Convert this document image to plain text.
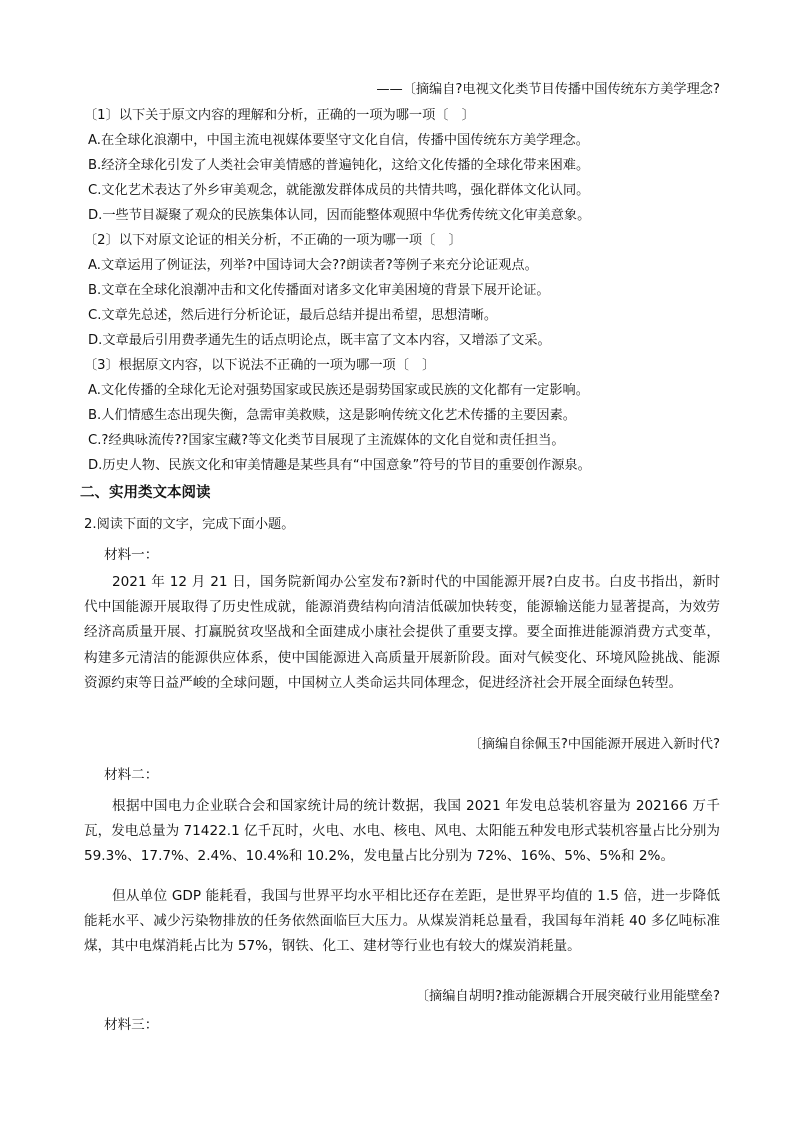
——〔摘编自?电视文化类节目传播中国传统东方美学理念?
〔1〕以下关于原文内容的理解和分析，正确的一项为哪一项〔　〕
A.在全球化浪潮中，中国主流电视媒体要坚守文化自信，传播中国传统东方美学理念。
B.经济全球化引发了人类社会审美情感的普遍钝化，这给文化传播的全球化带来困难。
C.文化艺术表达了外乡审美观念，就能激发群体成员的共情共鸣，强化群体文化认同。
D.一些节目凝聚了观众的民族集体认同，因而能整体观照中华优秀传统文化审美意象。
〔2〕以下对原文论证的相关分析，不正确的一项为哪一项〔　〕
A.文章运用了例证法，列举?中国诗词大会??朗读者?等例子来充分论证观点。
B.文章在全球化浪潮冲击和文化传播面对诸多文化审美困境的背景下展开论证。
C.文章先总述，然后进行分析论证，最后总结并提出希望，思想清晰。
D.文章最后引用费孝通先生的话点明论点，既丰富了文本内容，又增添了文采。
〔3〕根据原文内容，以下说法不正确的一项为哪一项〔　〕
A.文化传播的全球化无论对强势国家或民族还是弱势国家或民族的文化都有一定影响。
B.人们情感生态出现失衡，急需审美救赎，这是影响传统文化艺术传播的主要因素。
C.?经典咏流传??国家宝藏?等文化类节目展现了主流媒体的文化自觉和责任担当。
D.历史人物、民族文化和审美情趣是某些具有“中国意象”符号的节目的重要创作源泉。
二、实用类文本阅读
2.阅读下面的文字，完成下面小题。
材料一：

2021 年 12 月 21 日，国务院新闻办公室发布?新时代的中国能源开展?白皮书。白皮书指出，新时代中国能源开展取得了历史性成就，能源消费结构向清洁低碳加快转变，能源输送能力显著提高，为效劳经济高质量开展、打赢脱贫攻坚战和全面建成小康社会提供了重要支撑。要全面推进能源消费方式变革，构建多元清洁的能源供应体系，使中国能源进入高质量开展新阶段。面对气候变化、环境风险挑战、能源资源约束等日益严峻的全球问题，中国树立人类命运共同体理念，促进经济社会开展全面绿色转型。

〔摘编自徐佩玉?中国能源开展进入新时代?
材料二：

根据中国电力企业联合会和国家统计局的统计数据，我国 2021 年发电总装机容量为 202166 万千瓦，发电总量为 71422.1 亿千瓦时，火电、水电、核电、风电、太阳能五种发电形式装机容量占比分别为 59.3%、17.7%、2.4%、10.4%和 10.2%，发电量占比分别为 72%、16%、5%、5%和 2%。

但从单位 GDP 能耗看，我国与世界平均水平相比还存在差距，是世界平均值的 1.5 倍，进一步降低能耗水平、减少污染物排放的任务依然面临巨大压力。从煤炭消耗总量看，我国每年消耗 40 多亿吨标准煤，其中电煤消耗占比为 57%，钢铁、化工、建材等行业也有较大的煤炭消耗量。

〔摘编自胡明?推动能源耦合开展突破行业用能壁垒?
材料三：
